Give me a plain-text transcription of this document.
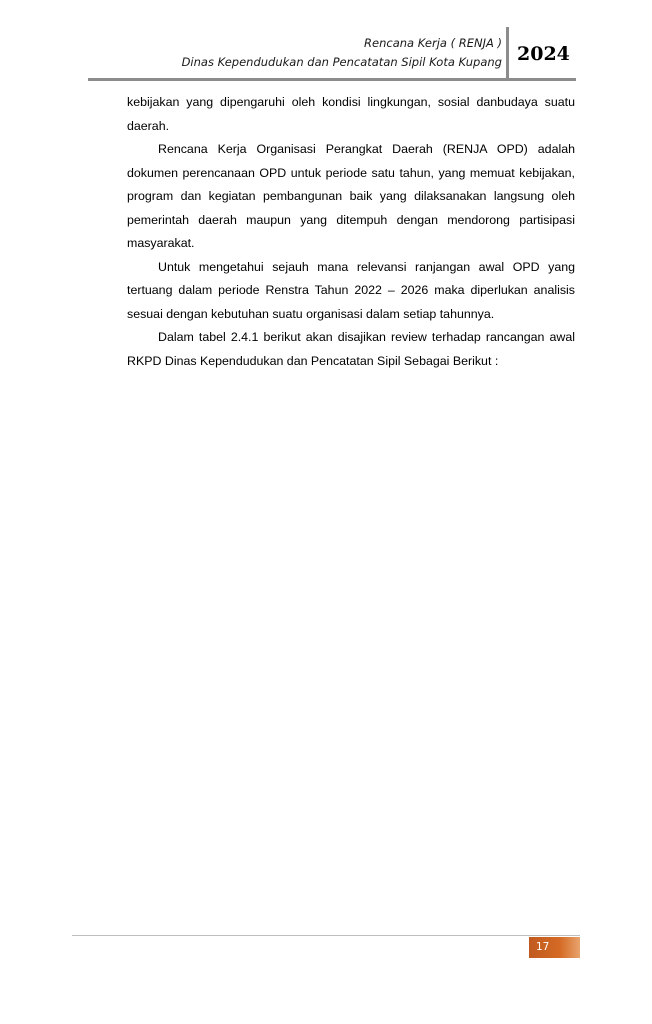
Rencana Kerja ( RENJA )
Dinas Kependudukan dan Pencatatan Sipil Kota Kupang 2024

kebijakan yang dipengaruhi oleh kondisi lingkungan, sosial danbudaya suatu daerah.

Rencana Kerja Organisasi Perangkat Daerah (RENJA OPD) adalah dokumen perencanaan OPD untuk periode satu tahun, yang memuat kebijakan, program dan kegiatan pembangunan baik yang dilaksanakan langsung oleh pemerintah daerah maupun yang ditempuh dengan mendorong partisipasi masyarakat.

Untuk mengetahui sejauh mana relevansi ranjangan awal OPD yang tertuang dalam periode Renstra Tahun 2022 – 2026 maka diperlukan analisis sesuai dengan kebutuhan suatu organisasi dalam setiap tahunnya.

Dalam tabel 2.4.1 berikut akan disajikan review terhadap rancangan awal RKPD Dinas Kependudukan dan Pencatatan Sipil Sebagai Berikut :

17
